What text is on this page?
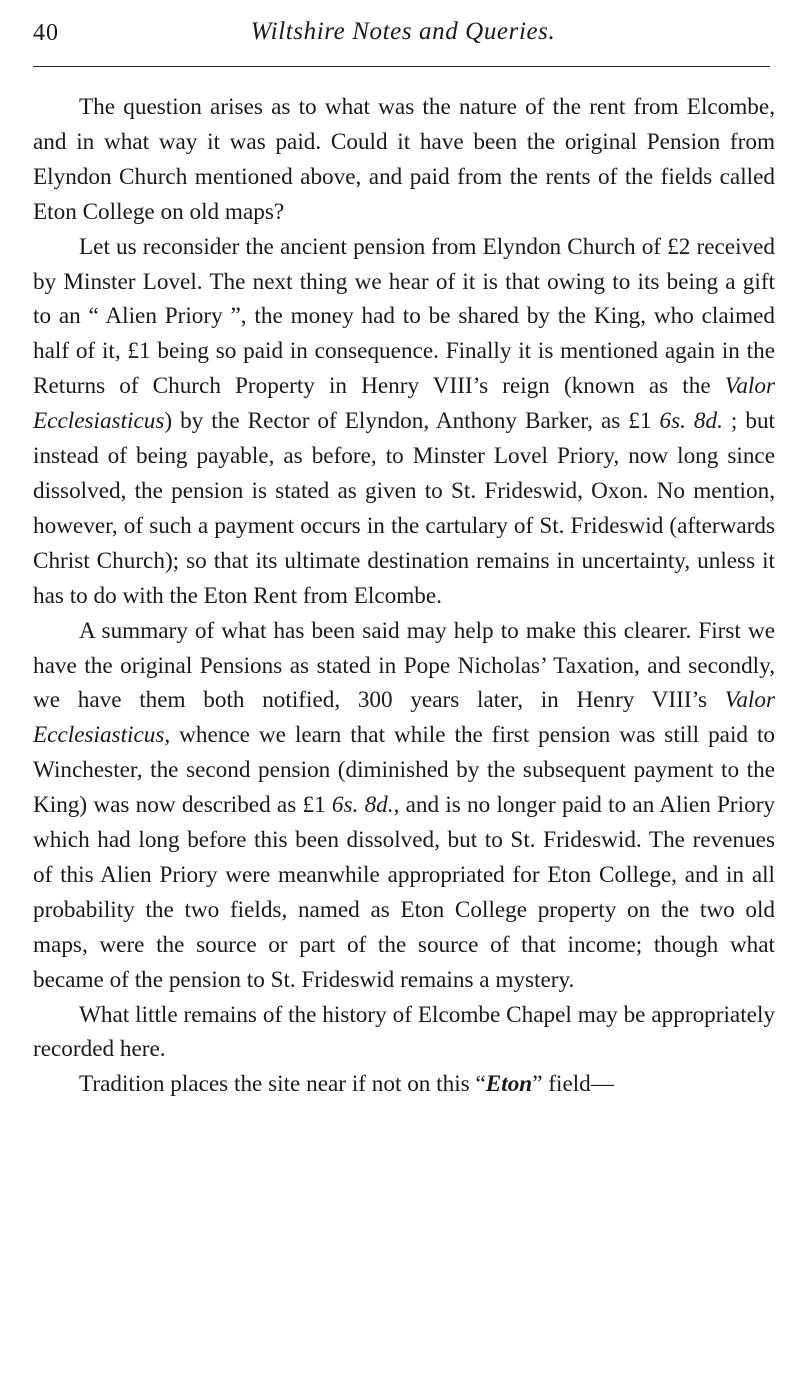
40	Wiltshire Notes and Queries.

The question arises as to what was the nature of the rent from Elcombe, and in what way it was paid. Could it have been the original Pension from Elyndon Church mentioned above, and paid from the rents of the fields called Eton College on old maps?

Let us reconsider the ancient pension from Elyndon Church of £2 received by Minster Lovel. The next thing we hear of it is that owing to its being a gift to an “ Alien Priory ”, the money had to be shared by the King, who claimed half of it, £1 being so paid in consequence. Finally it is mentioned again in the Returns of Church Property in Henry VIII’s reign (known as the Valor Ecclesiasticus) by the Rector of Elyndon, Anthony Barker, as £1 6s. 8d. ; but instead of being payable, as before, to Minster Lovel Priory, now long since dissolved, the pension is stated as given to St. Frideswid, Oxon. No mention, however, of such a payment occurs in the cartulary of St. Frideswid (afterwards Christ Church); so that its ultimate destination remains in uncertainty, unless it has to do with the Eton Rent from Elcombe.

A summary of what has been said may help to make this clearer. First we have the original Pensions as stated in Pope Nicholas’ Taxation, and secondly, we have them both notified, 300 years later, in Henry VIII’s Valor Ecclesiasticus, whence we learn that while the first pension was still paid to Winchester, the second pension (diminished by the subsequent payment to the King) was now described as £1 6s. 8d., and is no longer paid to an Alien Priory which had long before this been dissolved, but to St. Frideswid. The revenues of this Alien Priory were meanwhile appropriated for Eton College, and in all probability the two fields, named as Eton College property on the two old maps, were the source or part of the source of that income; though what became of the pension to St. Frideswid remains a mystery.

What little remains of the history of Elcombe Chapel may be appropriately recorded here.

Tradition places the site near if not on this “Eton” field—
